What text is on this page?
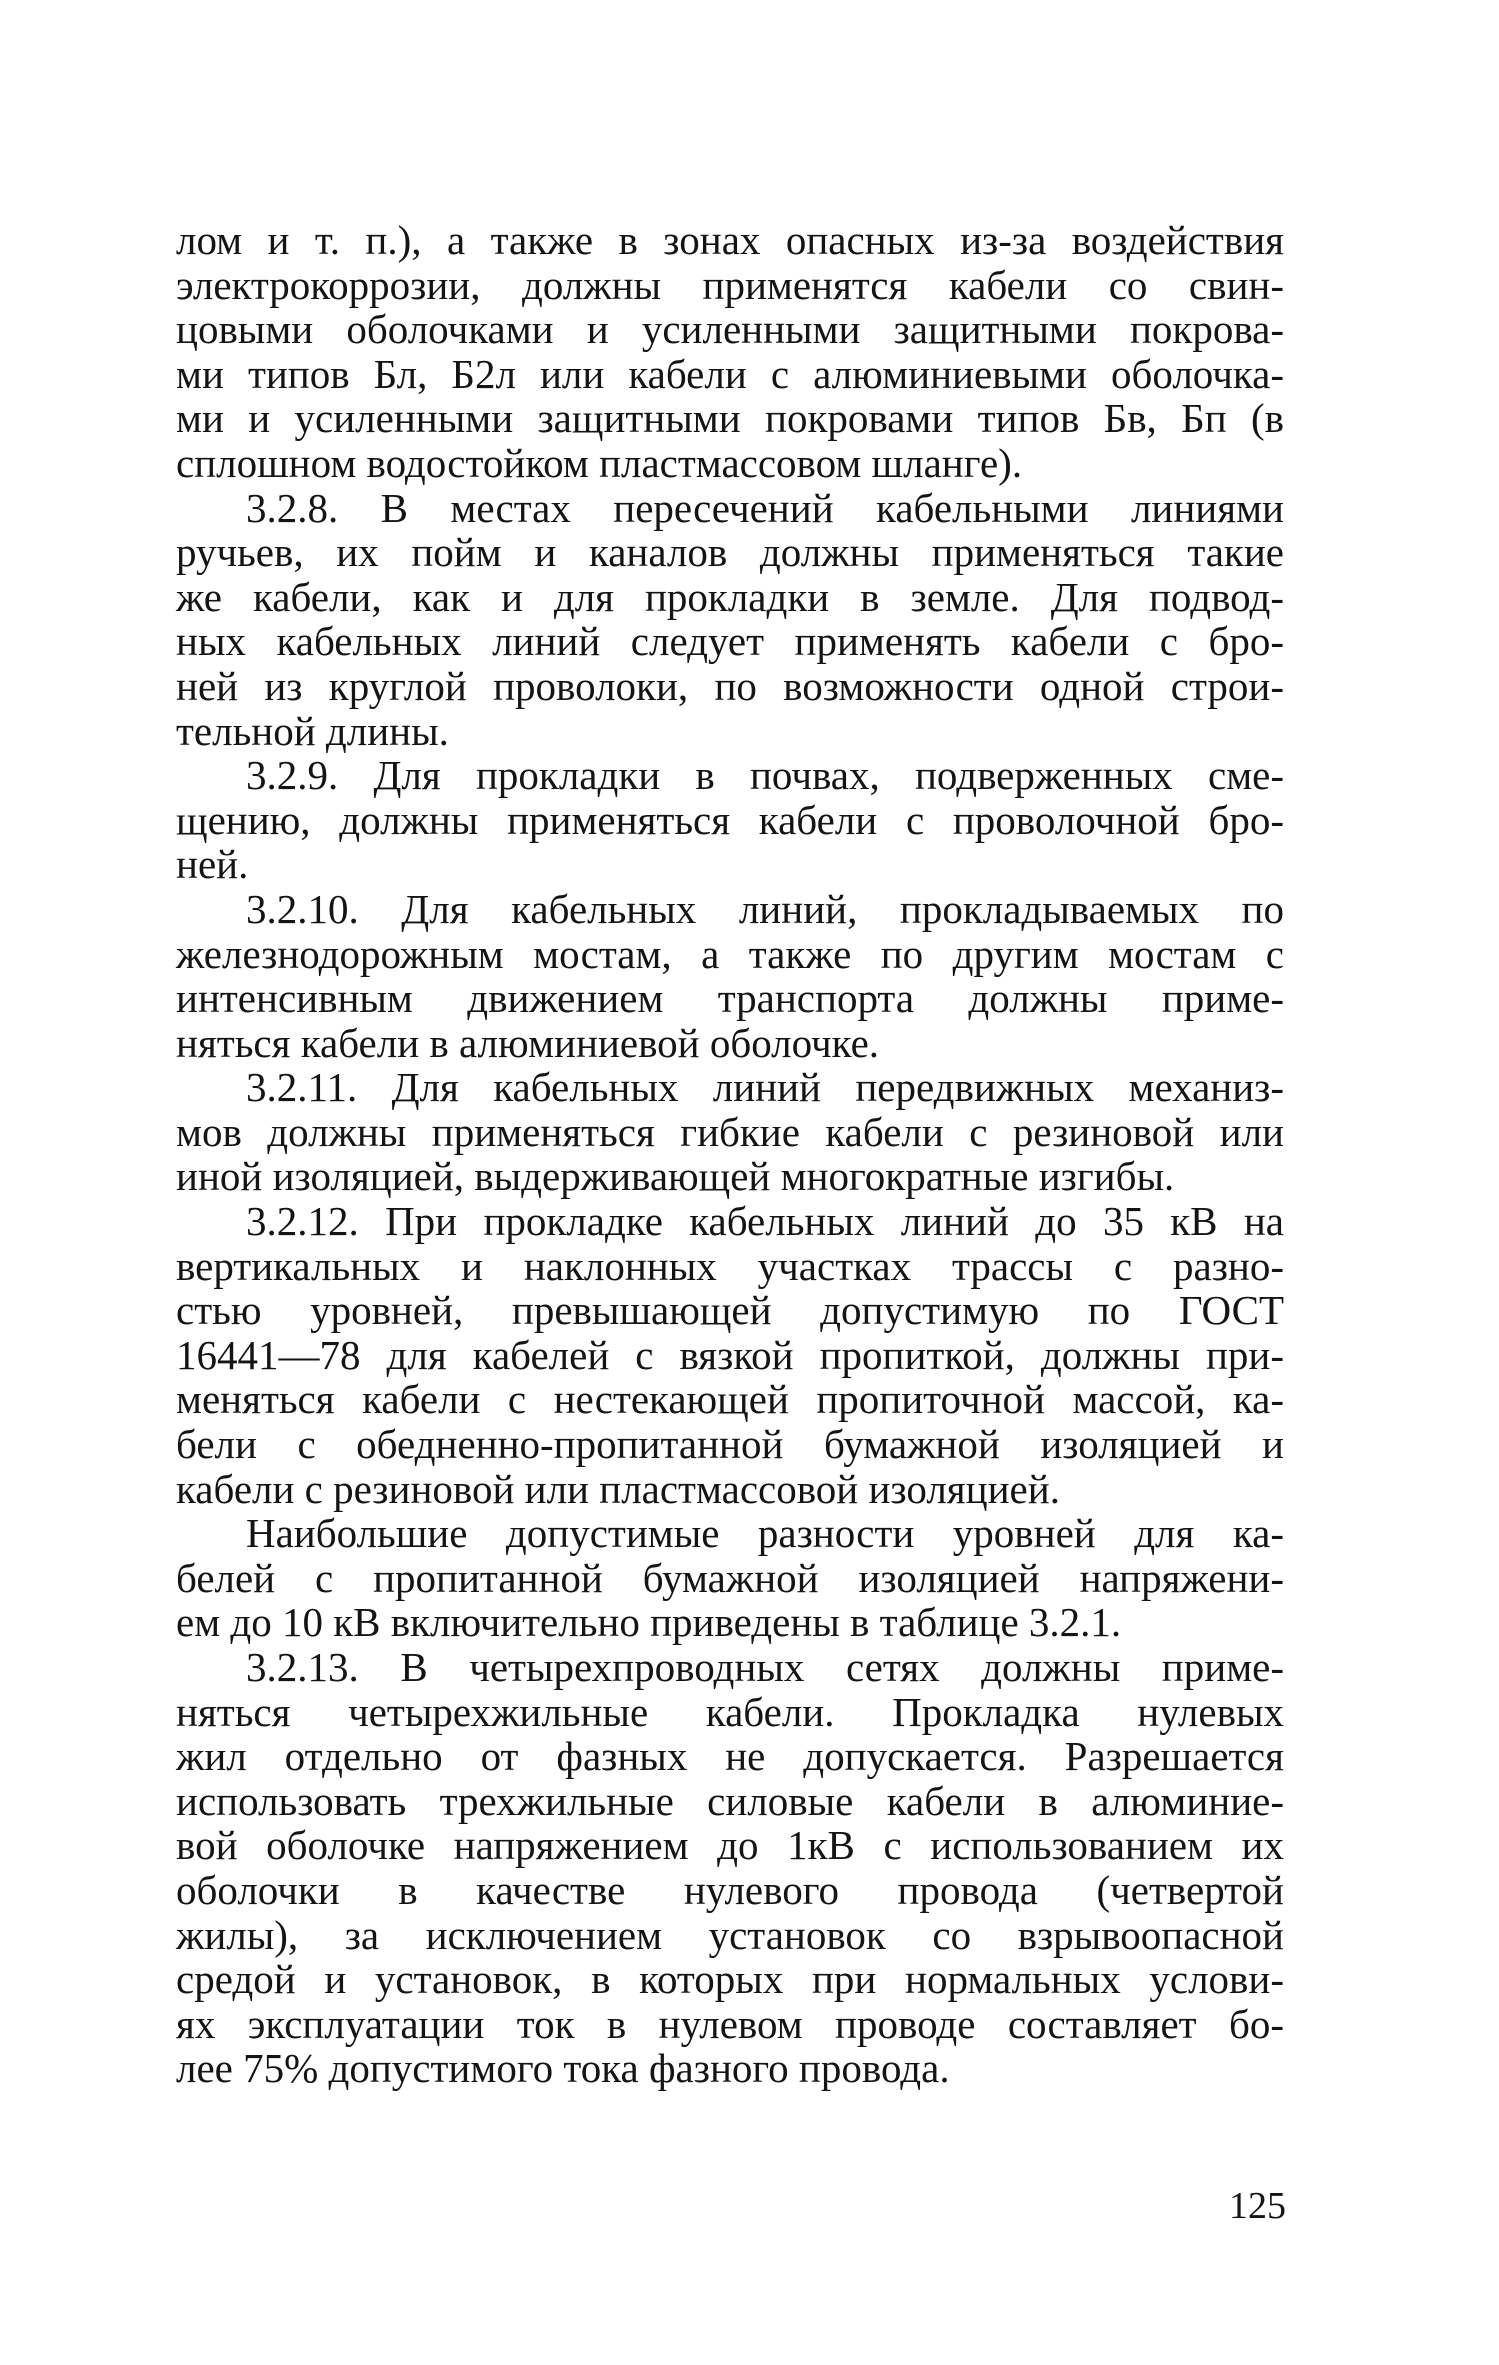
лом и т. п.), а также в зонах опасных из-за воздействия
электрокоррозии, должны применятся кабели со свин-
цовыми оболочками и усиленными защитными покрова-
ми типов Бл, Б2л или кабели с алюминиевыми оболочка-
ми и усиленными защитными покровами типов Бв, Бп (в
сплошном водостойком пластмассовом шланге).
3.2.8. В местах пересечений кабельными линиями
ручьев, их пойм и каналов должны применяться такие
же кабели, как и для прокладки в земле. Для подвод-
ных кабельных линий следует применять кабели с бро-
ней из круглой проволоки, по возможности одной строи-
тельной длины.
3.2.9. Для прокладки в почвах, подверженных сме-
щению, должны применяться кабели с проволочной бро-
ней.
3.2.10. Для кабельных линий, прокладываемых по
железнодорожным мостам, а также по другим мостам с
интенсивным движением транспорта должны приме-
няться кабели в алюминиевой оболочке.
3.2.11. Для кабельных линий передвижных механиз-
мов должны применяться гибкие кабели с резиновой или
иной изоляцией, выдерживающей многократные изгибы.
3.2.12. При прокладке кабельных линий до 35 кВ на
вертикальных и наклонных участках трассы с разно-
стью уровней, превышающей допустимую по ГОСТ
16441—78 для кабелей с вязкой пропиткой, должны при-
меняться кабели с нестекающей пропиточной массой, ка-
бели с обедненно-пропитанной бумажной изоляцией и
кабели с резиновой или пластмассовой изоляцией.
Наибольшие допустимые разности уровней для ка-
белей с пропитанной бумажной изоляцией напряжени-
ем до 10 кВ включительно приведены в таблице 3.2.1.
3.2.13. В четырехпроводных сетях должны приме-
няться четырехжильные кабели. Прокладка нулевых
жил отдельно от фазных не допускается. Разрешается
использовать трехжильные силовые кабели в алюминие-
вой оболочке напряжением до 1кВ с использованием их
оболочки в качестве нулевого провода (четвертой
жилы), за исключением установок со взрывоопасной
средой и установок, в которых при нормальных услови-
ях эксплуатации ток в нулевом проводе составляет бо-
лее 75% допустимого тока фазного провода.
125
